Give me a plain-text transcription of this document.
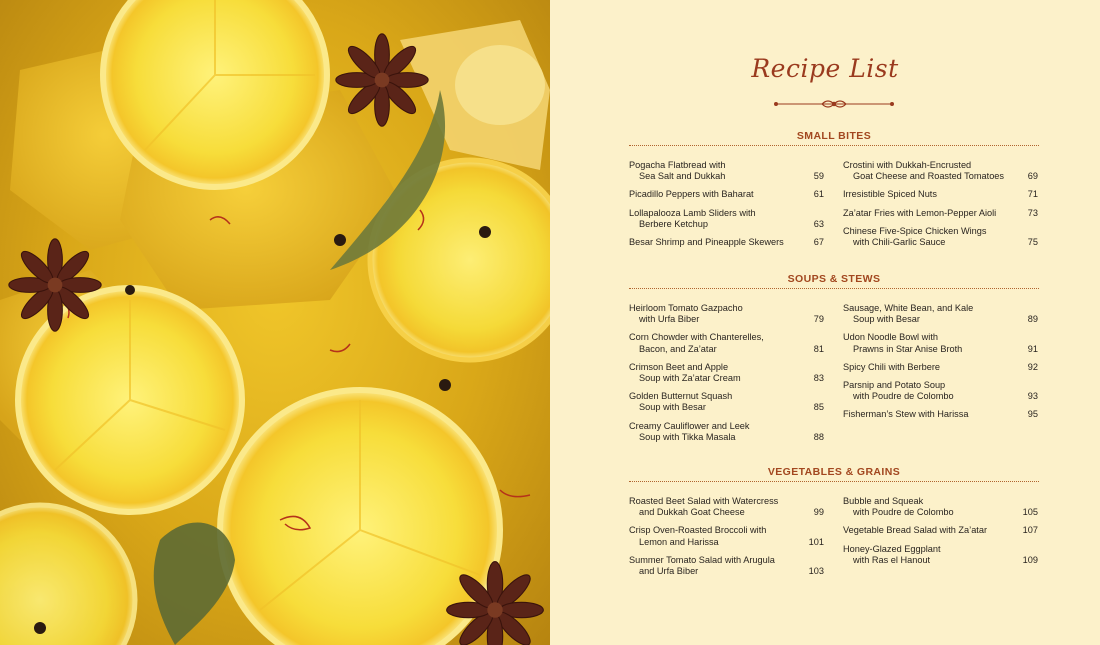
Recipe List
SMALL BITES
Pogacha Flatbread with
Sea Salt and Dukkah	59
Picadillo Peppers with Baharat	61
Lollapalooza Lamb Sliders with
Berbere Ketchup	63
Besar Shrimp and Pineapple Skewers	67
Crostini with Dukkah-Encrusted
Goat Cheese and Roasted Tomatoes	69
Irresistible Spiced Nuts	71
Za’atar Fries with Lemon-Pepper Aioli	73
Chinese Five-Spice Chicken Wings
with Chili-Garlic Sauce	75
SOUPS & STEWS
Heirloom Tomato Gazpacho
with Urfa Biber	79
Corn Chowder with Chanterelles,
Bacon, and Za’atar	81
Crimson Beet and Apple
Soup with Za’atar Cream	83
Golden Butternut Squash
Soup with Besar	85
Creamy Cauliflower and Leek
Soup with Tikka Masala	88
Sausage, White Bean, and Kale
Soup with Besar	89
Udon Noodle Bowl with
Prawns in Star Anise Broth	91
Spicy Chili with Berbere	92
Parsnip and Potato Soup
with Poudre de Colombo	93
Fisherman’s Stew with Harissa	95
VEGETABLES & GRAINS
Roasted Beet Salad with Watercress
and Dukkah Goat Cheese	99
Crisp Oven-Roasted Broccoli with
Lemon and Harissa	101
Summer Tomato Salad with Arugula
and Urfa Biber	103
Bubble and Squeak
with Poudre de Colombo	105
Vegetable Bread Salad with Za’atar	107
Honey-Glazed Eggplant
with Ras el Hanout	109
